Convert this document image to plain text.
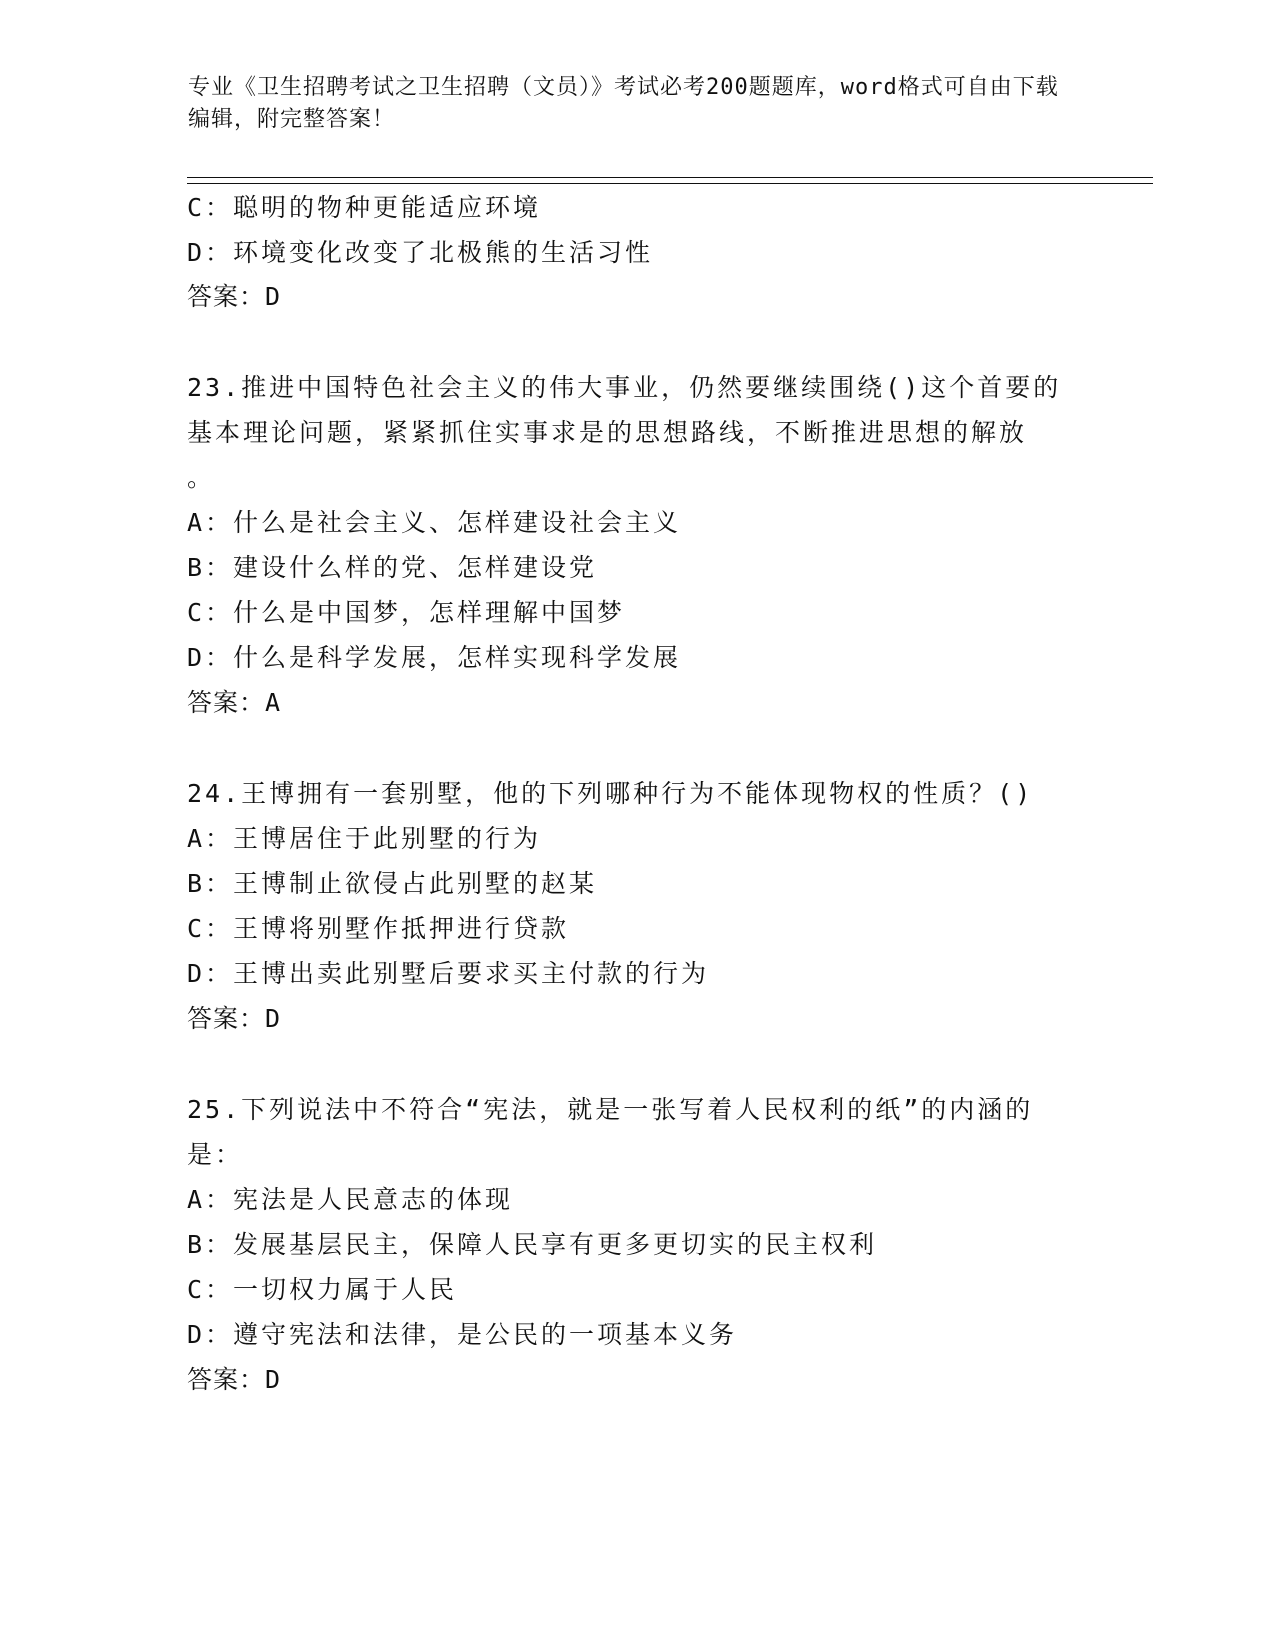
专业《卫生招聘考试之卫生招聘（文员）》考试必考200题题库，word格式可自由下载编辑，附完整答案！
C：聪明的物种更能适应环境
D：环境变化改变了北极熊的生活习性
答案：D
23.推进中国特色社会主义的伟大事业，仍然要继续围绕()这个首要的
基本理论问题，紧紧抓住实事求是的思想路线，不断推进思想的解放
。
A：什么是社会主义、怎样建设社会主义
B：建设什么样的党、怎样建设党
C：什么是中国梦，怎样理解中国梦
D：什么是科学发展，怎样实现科学发展
答案：A
24.王博拥有一套别墅，他的下列哪种行为不能体现物权的性质？()
A：王博居住于此别墅的行为
B：王博制止欲侵占此别墅的赵某
C：王博将别墅作抵押进行贷款
D：王博出卖此别墅后要求买主付款的行为
答案：D
25.下列说法中不符合“宪法，就是一张写着人民权利的纸”的内涵的
是：
A：宪法是人民意志的体现
B：发展基层民主，保障人民享有更多更切实的民主权利
C：一切权力属于人民
D：遵守宪法和法律，是公民的一项基本义务
答案：D
